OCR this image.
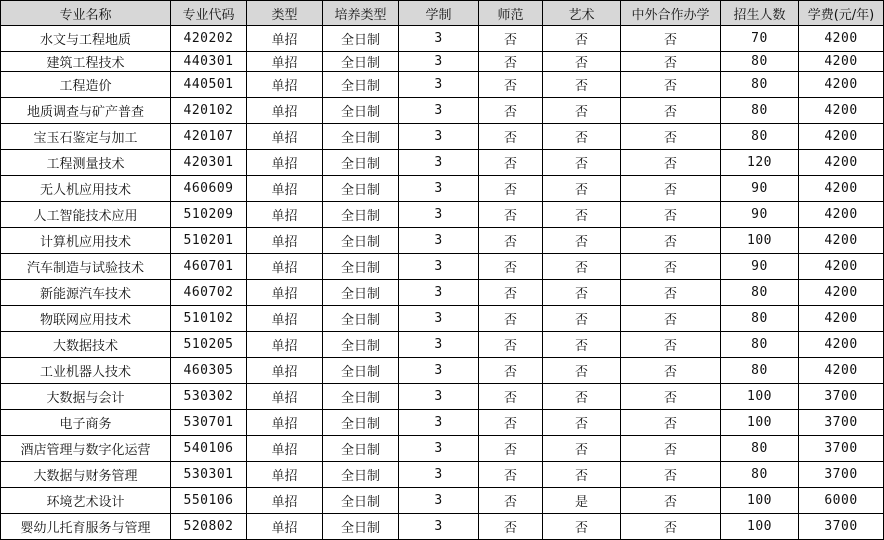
专业名称	专业代码	类型	培养类型	学制	师范	艺术	中外合作办学	招生人数	学费(元/年)
水文与工程地质	420202	单招	全日制	3	否	否	否	70	4200
建筑工程技术	440301	单招	全日制	3	否	否	否	80	4200
工程造价	440501	单招	全日制	3	否	否	否	80	4200
地质调查与矿产普查	420102	单招	全日制	3	否	否	否	80	4200
宝玉石鉴定与加工	420107	单招	全日制	3	否	否	否	80	4200
工程测量技术	420301	单招	全日制	3	否	否	否	120	4200
无人机应用技术	460609	单招	全日制	3	否	否	否	90	4200
人工智能技术应用	510209	单招	全日制	3	否	否	否	90	4200
计算机应用技术	510201	单招	全日制	3	否	否	否	100	4200
汽车制造与试验技术	460701	单招	全日制	3	否	否	否	90	4200
新能源汽车技术	460702	单招	全日制	3	否	否	否	80	4200
物联网应用技术	510102	单招	全日制	3	否	否	否	80	4200
大数据技术	510205	单招	全日制	3	否	否	否	80	4200
工业机器人技术	460305	单招	全日制	3	否	否	否	80	4200
大数据与会计	530302	单招	全日制	3	否	否	否	100	3700
电子商务	530701	单招	全日制	3	否	否	否	100	3700
酒店管理与数字化运营	540106	单招	全日制	3	否	否	否	80	3700
大数据与财务管理	530301	单招	全日制	3	否	否	否	80	3700
环境艺术设计	550106	单招	全日制	3	否	是	否	100	6000
婴幼儿托育服务与管理	520802	单招	全日制	3	否	否	否	100	3700
